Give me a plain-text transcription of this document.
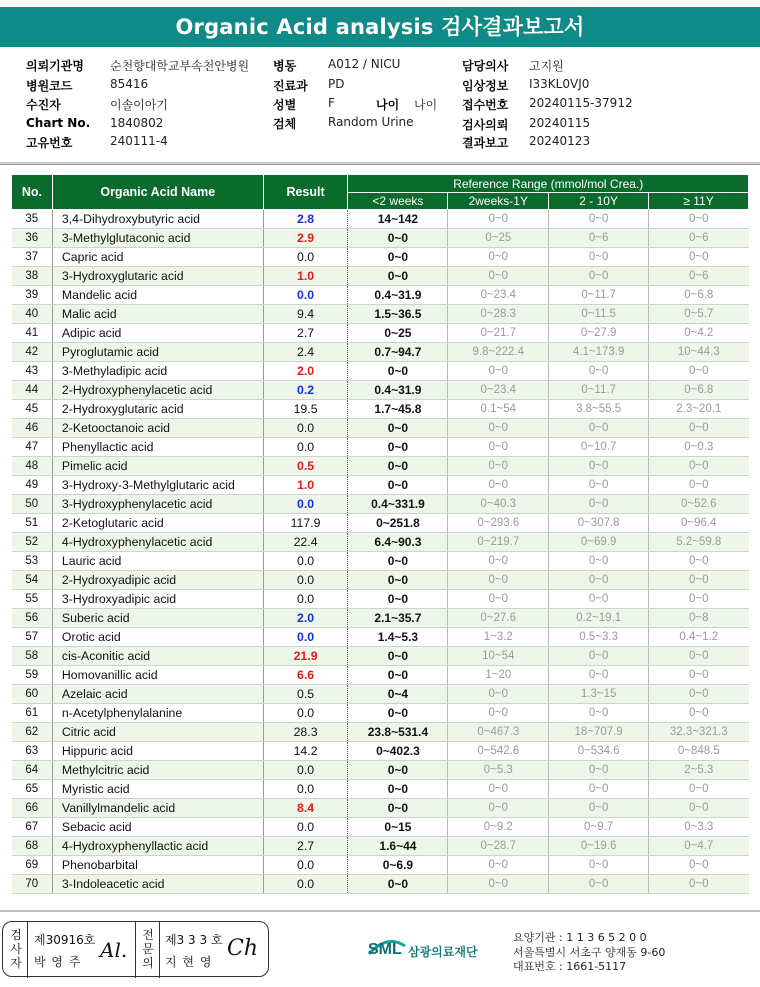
Organic Acid analysis 검사결과보고서
의뢰기관명 순천향대학교부속천안병원
병원코드	85416
수진자	이솔이아기
Chart No. 1840802
고유번호	240111-4
병동	A012 / NICU
진료과 PD
성별	F	나이 나이
검체	Random Urine
담당의사 고지원
임상정보 I33KL0VJ0
접수번호 20240115-37912
검사의뢰 20240115
결과보고 20240123
No.	Organic Acid Name	Result	Reference Range (mmol/mol Crea.)			
			<2 weeks	2weeks-1Y	2 - 10Y	≥ 11Y
35	3,4-Dihydroxybutyric acid	2.8	14~142	0~0	0~0	0~0
36	3-Methylglutaconic acid	2.9	0~0	0~25	0~6	0~6
37	Capric acid	0.0	0~0	0~0	0~0	0~0
38	3-Hydroxyglutaric acid	1.0	0~0	0~0	0~0	0~6
39	Mandelic acid	0.0	0.4~31.9	0~23.4	0~11.7	0~6.8
40	Malic acid	9.4	1.5~36.5	0~28.3	0~11.5	0~5.7
41	Adipic acid	2.7	0~25	0~21.7	0~27.9	0~4.2
42	Pyroglutamic acid	2.4	0.7~94.7	9.8~222.4	4.1~173.9	10~44.3
43	3-Methyladipic acid	2.0	0~0	0~0	0~0	0~0
44	2-Hydroxyphenylacetic acid	0.2	0.4~31.9	0~23.4	0~11.7	0~6.8
45	2-Hydroxyglutaric acid	19.5	1.7~45.8	0.1~54	3.8~55.5	2.3~20.1
46	2-Ketooctanoic acid	0.0	0~0	0~0	0~0	0~0
47	Phenyllactic acid	0.0	0~0	0~0	0~10.7	0~0.3
48	Pimelic acid	0.5	0~0	0~0	0~0	0~0
49	3-Hydroxy-3-Methylglutaric acid	1.0	0~0	0~0	0~0	0~0
50	3-Hydroxyphenylacetic acid	0.0	0.4~331.9	0~40.3	0~0	0~52.6
51	2-Ketoglutaric acid	117.9	0~251.8	0~293.6	0~307.8	0~96.4
52	4-Hydroxyphenylacetic acid	22.4	6.4~90.3	0~219.7	0~69.9	5.2~59.8
53	Lauric acid	0.0	0~0	0~0	0~0	0~0
54	2-Hydroxyadipic acid	0.0	0~0	0~0	0~0	0~0
55	3-Hydroxyadipic acid	0.0	0~0	0~0	0~0	0~0
56	Suberic acid	2.0	2.1~35.7	0~27.6	0.2~19.1	0~8
57	Orotic acid	0.0	1.4~5.3	1~3.2	0.5~3.3	0.4~1.2
58	cis-Aconitic acid	21.9	0~0	10~54	0~0	0~0
59	Homovanillic acid	6.6	0~0	1~20	0~0	0~0
60	Azelaic acid	0.5	0~4	0~0	1.3~15	0~0
61	n-Acetylphenylalanine	0.0	0~0	0~0	0~0	0~0
62	Citric acid	28.3	23.8~531.4	0~467.3	18~707.9	32.3~321.3
63	Hippuric acid	14.2	0~402.3	0~542.6	0~534.6	0~848.5
64	Methylcitric acid	0.0	0~0	0~5.3	0~0	2~5.3
65	Myristic acid	0.0	0~0	0~0	0~0	0~0
66	Vanillylmandelic acid	8.4	0~0	0~0	0~0	0~0
67	Sebacic acid	0.0	0~15	0~9.2	0~9.7	0~3.3
68	4-Hydroxyphenyllactic acid	2.7	1.6~44	0~28.7	0~19.6	0~4.7
69	Phenobarbital	0.0	0~6.9	0~0	0~0	0~0
70	3-Indoleacetic acid	0.0	0~0	0~0	0~0	0~0
검사자
제30916호
박 영 주 Al.
전문의
제3 3 3 호
지 현 영
Ch	SML 삼광의료재단
요양기관 : 1 1 3 6 5 2 0 0
서울특별시 서초구 양재동 9-60
대표번호 : 1661-5117
